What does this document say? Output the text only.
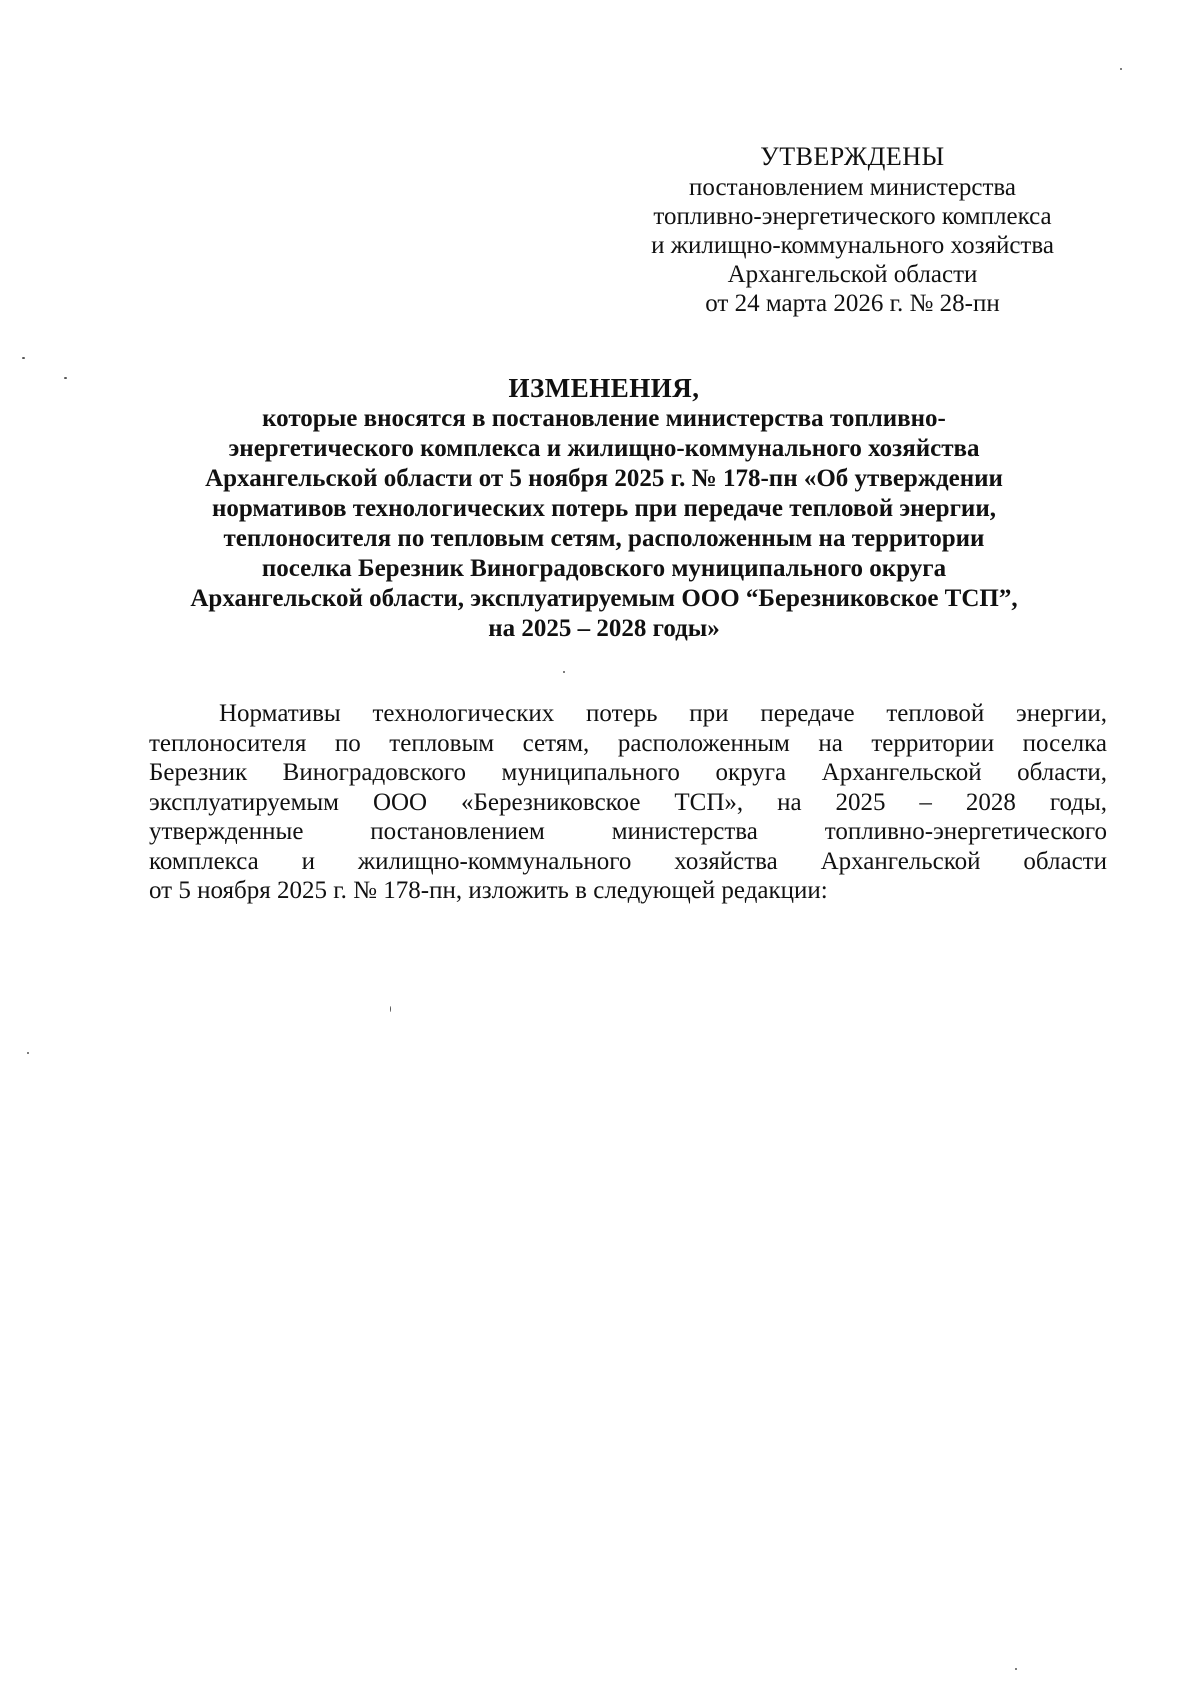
УТВЕРЖДЕНЫ
постановлением министерства
топливно-энергетического комплекса
и жилищно-коммунального хозяйства
Архангельской области
от 24 марта 2026 г. № 28-пн
ИЗМЕНЕНИЯ,
которые вносятся в постановление министерства топливно-
энергетического комплекса и жилищно-коммунального хозяйства
Архангельской области от 5 ноября 2025 г. № 178-пн «Об утверждении
нормативов технологических потерь при передаче тепловой энергии,
теплоносителя по тепловым сетям, расположенным на территории
поселка Березник Виноградовского муниципального округа
Архангельской области, эксплуатируемым ООО “Березниковское ТСП”,
на 2025 – 2028 годы»
Нормативы технологических потерь при передаче тепловой энергии,
теплоносителя по тепловым сетям, расположенным на территории поселка
Березник Виноградовского муниципального округа Архангельской области,
эксплуатируемым ООО «Березниковское ТСП», на 2025 – 2028 годы,
утвержденные постановлением министерства топливно-энергетического
комплекса и жилищно-коммунального хозяйства Архангельской области
от 5 ноября 2025 г. № 178-пн, изложить в следующей редакции:
